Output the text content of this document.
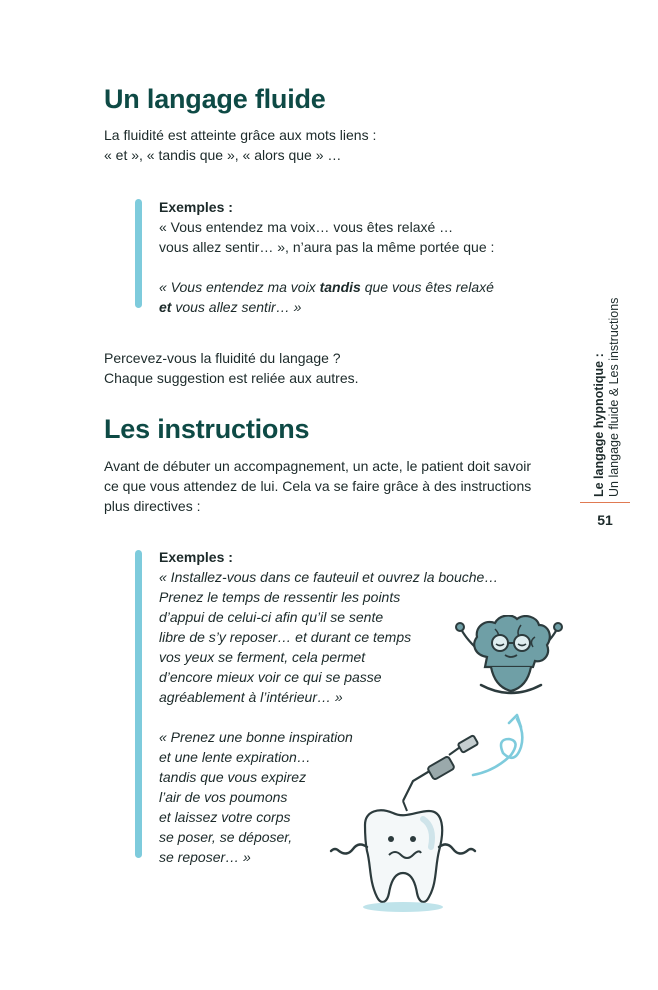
Un langage fluide

La fluidité est atteinte grâce aux mots liens :
« et », « tandis que », « alors que » …

Exemples :
« Vous entendez ma voix… vous êtes relaxé …
vous allez sentir… », n’aura pas la même portée que :
« Vous entendez ma voix tandis que vous êtes relaxé
et vous allez sentir… »

Percevez-vous la fluidité du langage ?
Chaque suggestion est reliée aux autres.

Les instructions

Avant de débuter un accompagnement, un acte, le patient doit savoir
ce que vous attendez de lui. Cela va se faire grâce à des instructions
plus directives :

Exemples :
« Installez-vous dans ce fauteuil et ouvrez la bouche…
Prenez le temps de ressentir les points
d’appui de celui-ci afin qu’il se sente
libre de s’y reposer… et durant ce temps
vos yeux se ferment, cela permet
d’encore mieux voir ce qui se passe
agréablement à l’intérieur… »
« Prenez une bonne inspiration
et une lente expiration…
tandis que vous expirez
l’air de vos poumons
et laissez votre corps
se poser, se déposer,
se reposer… »
Le langage hypnotique : Un langage fluide & Les instructions
51
